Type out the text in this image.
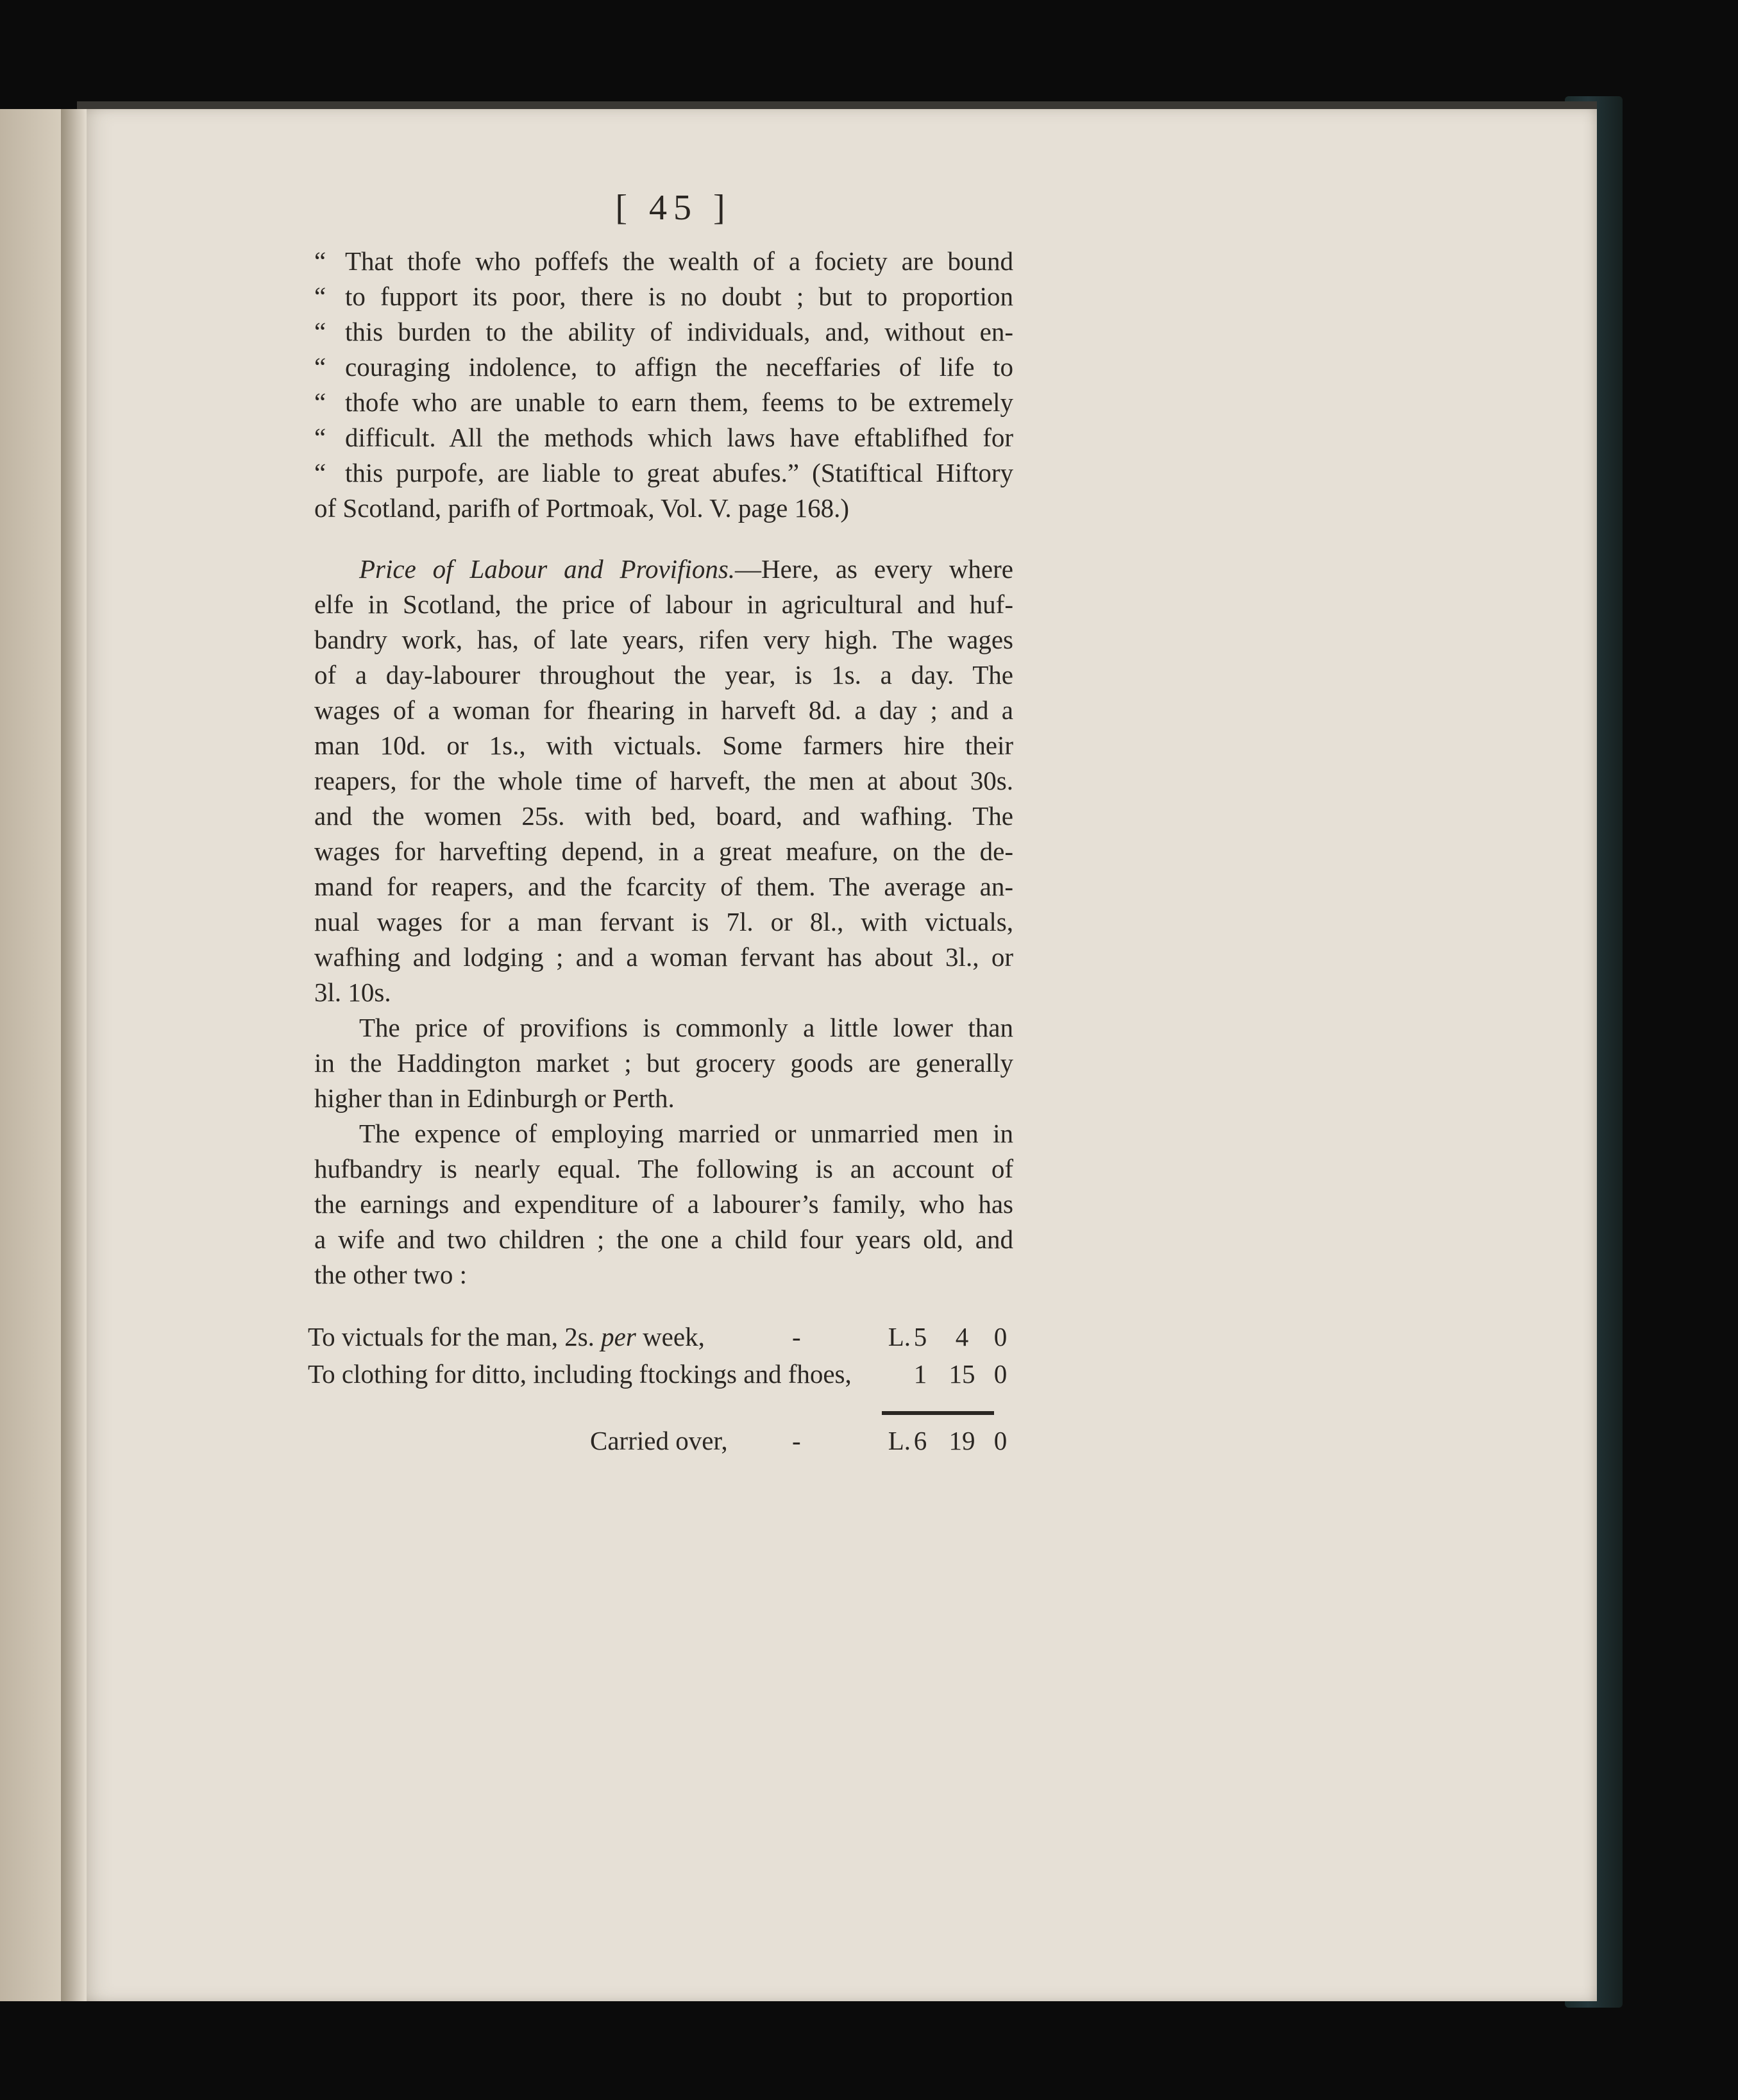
[ 45 ]
“ That thofe who poffefs the wealth of a fociety are bound
“ to fupport its poor, there is no doubt ; but to proportion
“ this burden to the ability of individuals, and, without en-
“ couraging indolence, to affign the neceffaries of life to
“ thofe who are unable to earn them, feems to be extremely
“ difficult. All the methods which laws have eftablifhed for
“ this purpofe, are liable to great abufes.” (Statiftical Hiftory
of Scotland, parifh of Portmoak, Vol. V. page 168.)
Price of Labour and Provifions.—Here, as every where
elfe in Scotland, the price of labour in agricultural and huf-
bandry work, has, of late years, rifen very high. The wages
of a day-labourer throughout the year, is 1s. a day. The
wages of a woman for fhearing in harveft 8d. a day ; and a
man 10d. or 1s., with victuals. Some farmers hire their
reapers, for the whole time of harveft, the men at about 30s.
and the women 25s. with bed, board, and wafhing. The
wages for harvefting depend, in a great meafure, on the de-
mand for reapers, and the fcarcity of them. The average an-
nual wages for a man fervant is 7l. or 8l., with victuals,
wafhing and lodging ; and a woman fervant has about 3l., or
3l. 10s.
The price of provifions is commonly a little lower than
in the Haddington market ; but grocery goods are generally
higher than in Edinburgh or Perth.
The expence of employing married or unmarried men in
hufbandry is nearly equal. The following is an account of
the earnings and expenditure of a labourer’s family, who has
a wife and two children ; the one a child four years old, and
the other two :
To victuals for the man, 2s. per week,	-	L. 5	4 0
To clothing for ditto, including ftockings and fhoes, 1 15 0
Carried over, -	L. 6 19 0
